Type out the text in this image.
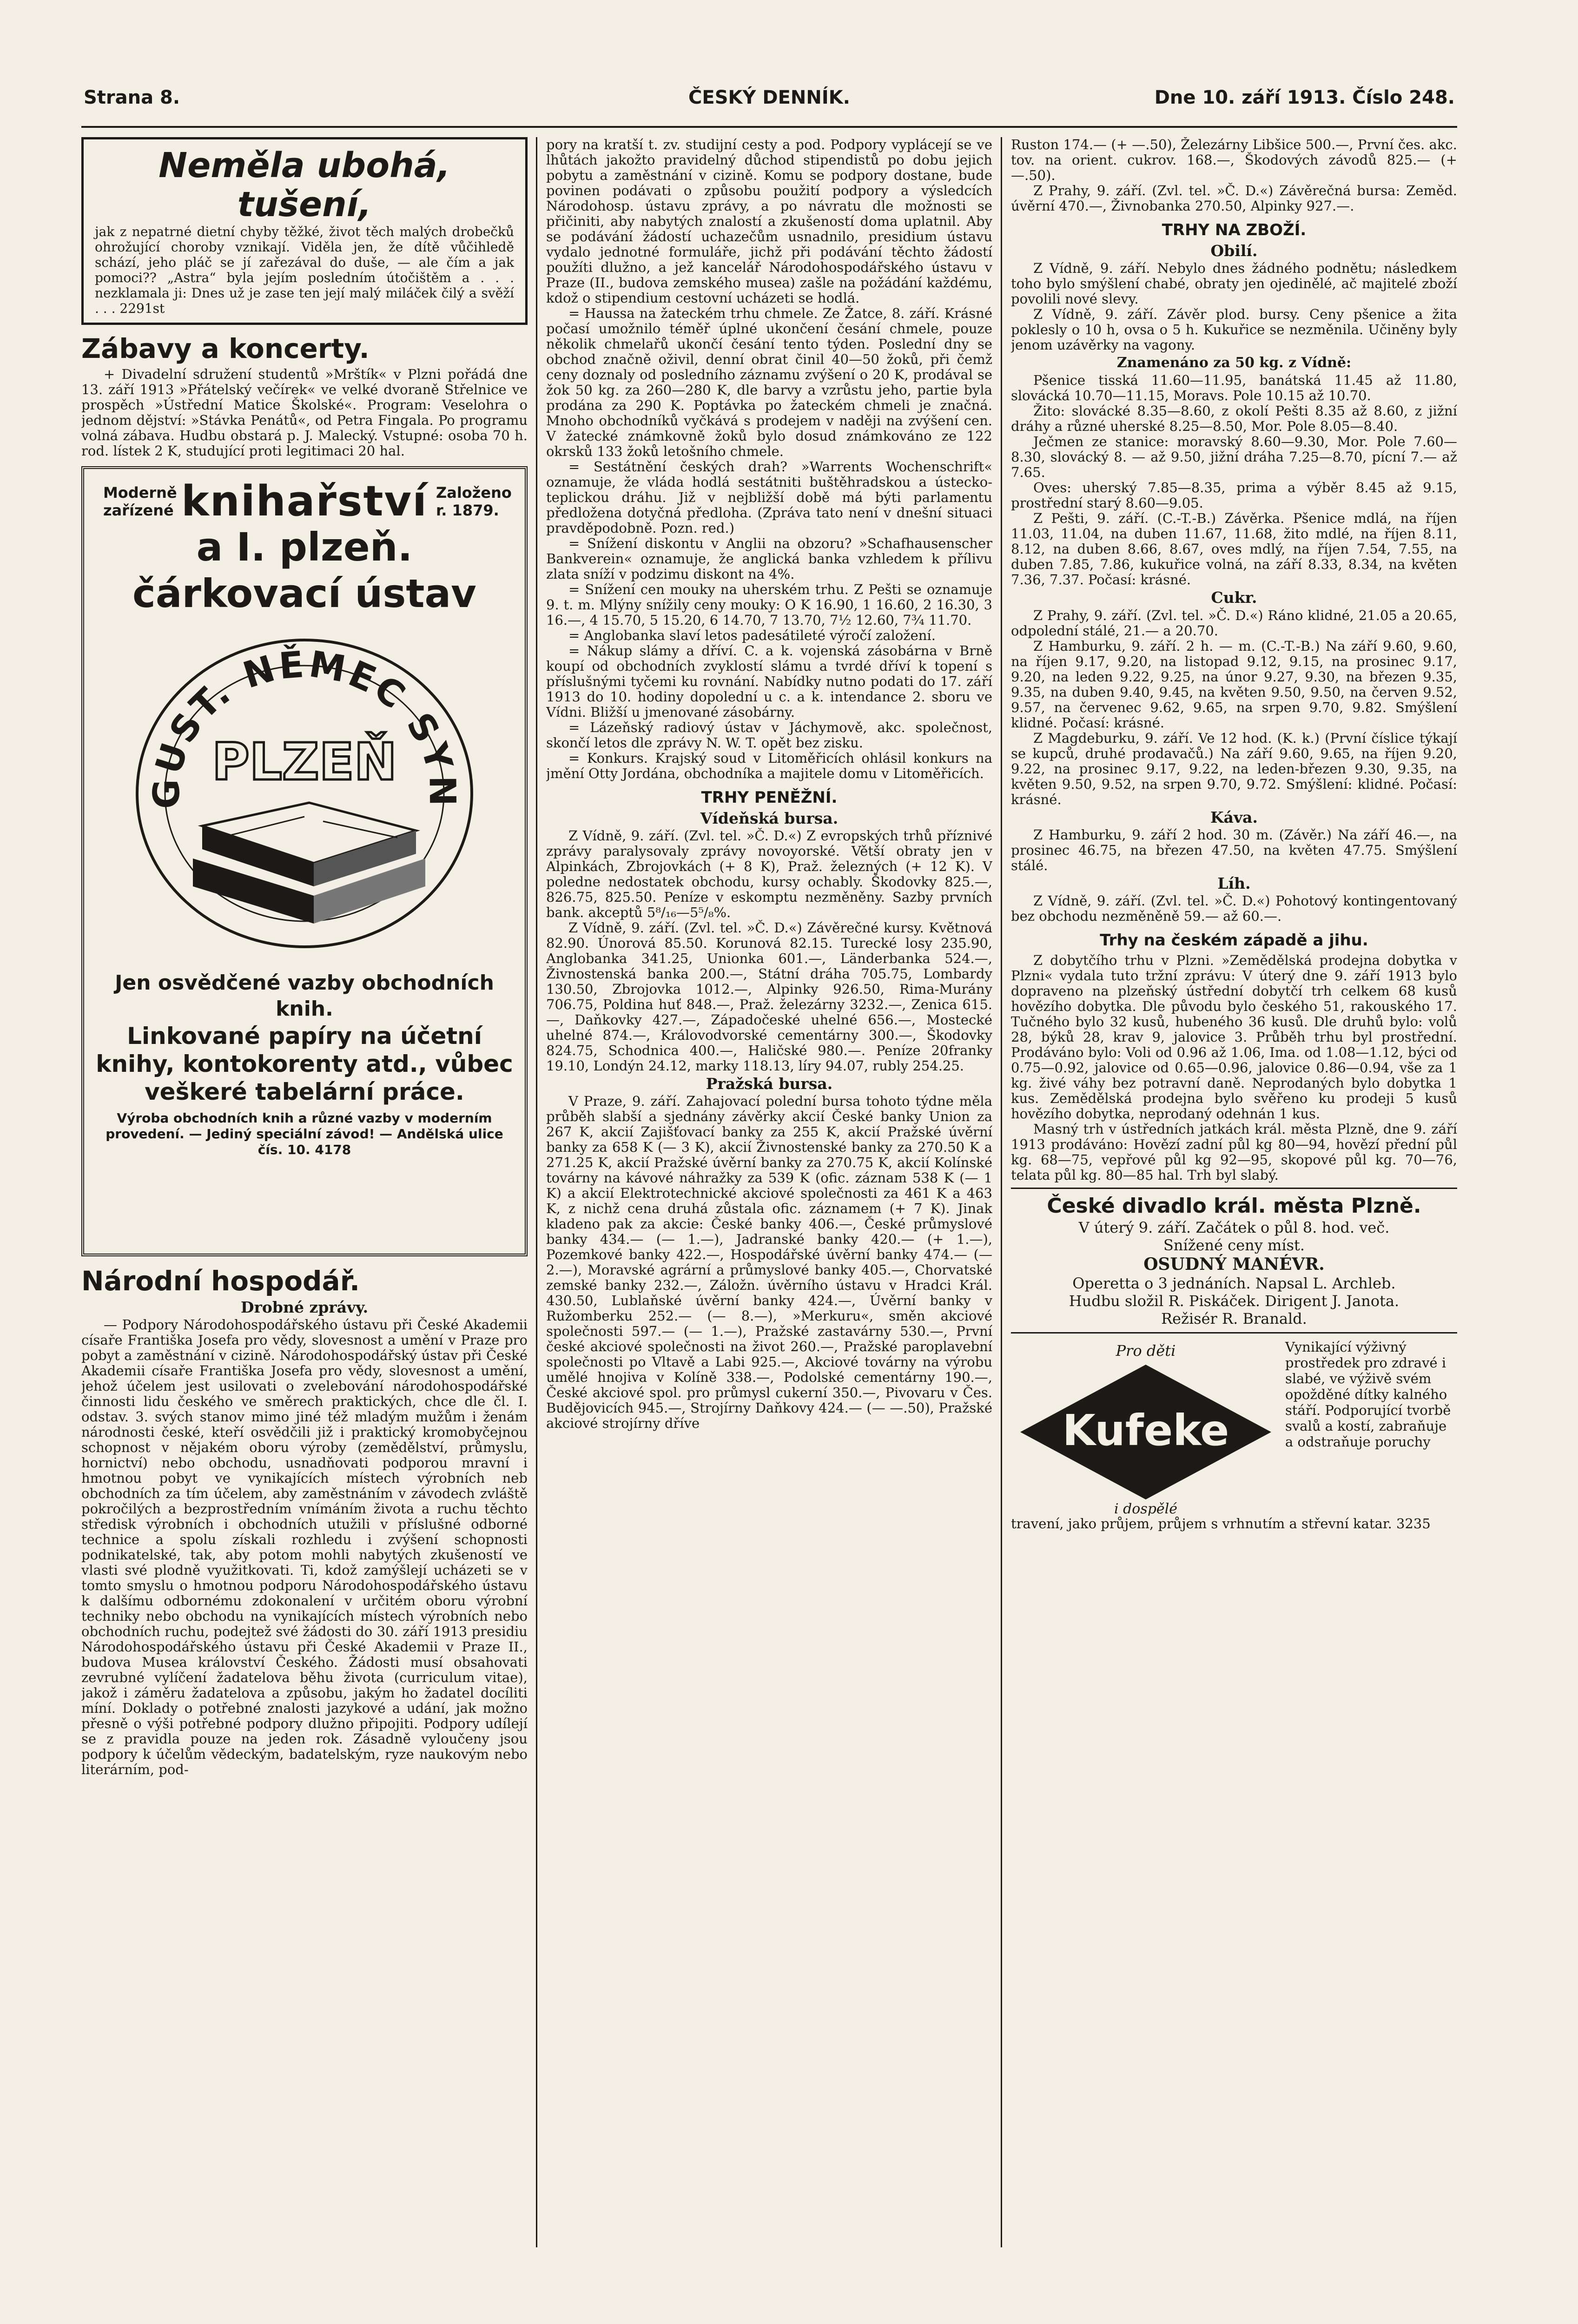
Strana 8.	ČESKÝ DENNÍK.	Dne 10. září 1913. Číslo 248.
Neměla ubohá, tušení,

jak z nepatrné dietní chyby těžké, život těch malých drobečků ohrožující choroby vznikají. Viděla jen, že dítě vůčihledě schází, jeho pláč se jí zařezával do duše, — ale čím a jak pomoci?? „Astra“ byla jejím posledním útočištěm a . . . nezklamala ji: Dnes už je zase ten její malý miláček čilý a svěží . . . 2291st

Zábavy a koncerty.

+ Divadelní sdružení studentů »Mrštík« v Plzni pořádá dne 13. září 1913 »Přátelský večírek« ve velké dvoraně Střelnice ve prospěch »Ústřední Matice Školské«. Program: Veselohra o jednom dějství: »Stávka Penátů«, od Petra Fingala. Po programu volná zábava. Hudbu obstará p. J. Malecký. Vstupné: osoba 70 h. rod. lístek 2 K, studující proti legitimaci 20 hal.

Moderně zařízené knihařství Založeno r. 1879.
a I. plzeň. čárkovací ústav
GUST. NĚMEC SYN
PLZEŇ
Jen osvědčené vazby obchodních knih.
Linkované papíry na účetní knihy, kontokorenty atd., vůbec veškeré tabelární práce.
Výroba obchodních knih a různé vazby v moderním provedení. — Jediný speciální závod! — Andělská ulice čís. 10. 4178
Národní hospodář.
Drobné zprávy.

— Podpory Národohospodářského ústavu při České Akademii císaře Františka Josefa pro vědy, slovesnost a umění v Praze pro pobyt a zaměstnání v cizině. Národohospodářský ústav při České Akademii císaře Františka Josefa pro vědy, slovesnost a umění, jehož účelem jest usilovati o zvelebování národohospodářské činnosti lidu českého ve směrech praktických, chce dle čl. I. odstav. 3. svých stanov mimo jiné též mladým mužům i ženám národnosti české, kteří osvědčili již i praktický kromobyčejnou schopnost v nějakém oboru výroby (zemědělství, průmyslu, hornictví) nebo obchodu, usnadňovati podporou mravní i hmotnou pobyt ve vynikajících místech výrobních neb obchodních za tím účelem, aby zaměstnáním v závodech zvláště pokročilých a bezprostředním vnímáním života a ruchu těchto středisk výrobních i obchodních utužili v příslušné odborné technice a spolu získali rozhledu i zvýšení schopnosti podnikatelské, tak, aby potom mohli nabytých zkušeností ve vlasti své plodně využitkovati. Ti, kdož zamýšlejí ucházeti se v tomto smyslu o hmotnou podporu Národohospodářského ústavu k dalšímu odbornému zdokonalení v určitém oboru výrobní techniky nebo obchodu na vynikajících místech výrobních nebo obchodních ruchu, podejtež své žádosti do 30. září 1913 presidiu Národohospodářského ústavu při České Akademii v Praze II., budova Musea království Českého. Žádosti musí obsahovati zevrubné vylíčení žadatelova běhu života (curriculum vitae), jakož i záměru žadatelova a způsobu, jakým ho žadatel docíliti míní. Doklady o potřebné znalosti jazykové a udání, jak možno přesně o výši potřebné podpory dlužno připojiti. Podpory udílejí se z pravidla pouze na jeden rok. Zásadně vyloučeny jsou podpory k účelům vědeckým, badatelským, ryze naukovým nebo literárním, pod-

pory na kratší t. zv. studijní cesty a pod. Podpory vyplácejí se ve lhůtách jakožto pravidelný důchod stipendistů po dobu jejich pobytu a zaměstnání v cizině. Komu se podpory dostane, bude povinen podávati o způsobu použití podpory a výsledcích Národohosp. ústavu zprávy, a po návratu dle možnosti se přičiniti, aby nabytých znalostí a zkušeností doma uplatnil. Aby se podávání žádostí uchazečům usnadnilo, presidium ústavu vydalo jednotné formuláře, jichž při podávání těchto žádostí použíti dlužno, a jež kancelář Národohospodářského ústavu v Praze (II., budova zemského musea) zašle na požádání každému, kdož o stipendium cestovní ucházeti se hodlá.

= Haussa na žateckém trhu chmele. Ze Žatce, 8. září. Krásné počasí umožnilo téměř úplné ukončení česání chmele, pouze několik chmelařů ukončí česání tento týden. Poslední dny se obchod značně oživil, denní obrat činil 40—50 žoků, při čemž ceny doznaly od posledního záznamu zvýšení o 20 K, prodával se žok 50 kg. za 260—280 K, dle barvy a vzrůstu jeho, partie byla prodána za 290 K. Poptávka po žateckém chmeli je značná. Mnoho obchodníků vyčkává s prodejem v naději na zvýšení cen. V žatecké známkovně žoků bylo dosud známkováno ze 122 okrsků 133 žoků letošního chmele.

= Sestátnění českých drah? »Warrents Wochenschrift« oznamuje, že vláda hodlá sestátniti buštěhradskou a ústecko-teplickou dráhu. Již v nejbližší době má býti parlamentu předložena dotyčná předloha. (Zpráva tato není v dnešní situaci pravděpodobně. Pozn. red.)

= Snížení diskontu v Anglii na obzoru? »Schafhausenscher Bankverein« oznamuje, že anglická banka vzhledem k přílivu zlata sníží v podzimu diskont na 4%.

= Snížení cen mouky na uherském trhu. Z Pešti se oznamuje 9. t. m. Mlýny snížily ceny mouky: O K 16.90, 1 16.60, 2 16.30, 3 16.—, 4 15.70, 5 15.20, 6 14.70, 7 13.70, 7½ 12.60, 7¾ 11.70.

= Anglobanka slaví letos padesátileté výročí založení.

= Nákup slámy a dříví. C. a k. vojenská zásobárna v Brně koupí od obchodních zvyklostí slámu a tvrdé dříví k topení s příslušnými tyčemi ku rovnání. Nabídky nutno podati do 17. září 1913 do 10. hodiny dopolední u c. a k. intendance 2. sboru ve Vídni. Bližší u jmenované zásobárny.

= Lázeňský radiový ústav v Jáchymově, akc. společnost, skončí letos dle zprávy N. W. T. opět bez zisku.

= Konkurs. Krajský soud v Litoměřicích ohlásil konkurs na jmění Otty Jordána, obchodníka a majitele domu v Litoměřicích.

TRHY PENĚŽNÍ.
Vídeňská bursa.

Z Vídně, 9. září. (Zvl. tel. »Č. D.«) Z evropských trhů příznivé zprávy paralysovaly zprávy novoyorské. Větší obraty jen v Alpinkách, Zbrojovkách (+ 8 K), Praž. železných (+ 12 K). V poledne nedostatek obchodu, kursy ochably. Škodovky 825.—, 826.75, 825.50. Peníze v eskomptu nezměněny. Sazby prvních bank. akceptů 5⁸/₁₆—5⁵/₈%.

Z Vídně, 9. září. (Zvl. tel. »Č. D.«) Závěrečné kursy. Květnová 82.90. Únorová 85.50. Korunová 82.15. Turecké losy 235.90, Anglobanka 341.25, Unionka 601.—, Länderbanka 524.—, Živnostenská banka 200.—, Státní dráha 705.75, Lombardy 130.50, Zbrojovka 1012.—, Alpinky 926.50, Rima-Murány 706.75, Poldina huť 848.—, Praž. železárny 3232.—, Zenica 615.—, Daňkovky 427.—, Západočeské uhelné 656.—, Mostecké uhelné 874.—, Královodvorské cementárny 300.—, Škodovky 824.75, Schodnica 400.—, Haličské 980.—. Peníze 20franky 19.10, Londýn 24.12, marky 118.13, líry 94.07, rubly 254.25.

Pražská bursa.

V Praze, 9. září. Zahajovací polední bursa tohoto týdne měla průběh slabší a sjednány závěrky akcií České banky Union za 267 K, akcií Zajišťovací banky za 255 K, akcií Pražské úvěrní banky za 658 K (— 3 K), akcií Živnostenské banky za 270.50 K a 271.25 K, akcií Pražské úvěrní banky za 270.75 K, akcií Kolínské továrny na kávové náhražky za 539 K (ofic. záznam 538 K (— 1 K) a akcií Elektrotechnické akciové společnosti za 461 K a 463 K, z nichž cena druhá zůstala ofic. záznamem (+ 7 K). Jinak kladeno pak za akcie: České banky 406.—, České průmyslové banky 434.— (— 1.—), Jadranské banky 420.— (+ 1.—), Pozemkové banky 422.—, Hospodářské úvěrní banky 474.— (— 2.—), Moravské agrární a průmyslové banky 405.—, Chorvatské zemské banky 232.—, Záložn. úvěrního ústavu v Hradci Král. 430.50, Lublaňské úvěrní banky 424.—, Úvěrní banky v Ružomberku 252.— (— 8.—), »Merkuru«, směn akciové společnosti 597.— (— 1.—), Pražské zastavárny 530.—, První české akciové společnosti na život 260.—, Pražské paroplavební společnosti po Vltavě a Labi 925.—, Akciové továrny na výrobu umělé hnojiva v Kolíně 338.—, Podolské cementárny 190.—, České akciové spol. pro průmysl cukerní 350.—, Pivovaru v Čes. Budějovicích 945.—, Strojírny Daňkovy 424.— (— —.50), Pražské akciové strojírny dříve

Ruston 174.— (+ —.50), Železárny Libšice 500.—, První čes. akc. tov. na orient. cukrov. 168.—, Škodových závodů 825.— (+ —.50).

Z Prahy, 9. září. (Zvl. tel. »Č. D.«) Závěrečná bursa: Zeměd. úvěrní 470.—, Živnobanka 270.50, Alpinky 927.—.

TRHY NA ZBOŽÍ.
Obilí.

Z Vídně, 9. září. Nebylo dnes žádného podnětu; následkem toho bylo smýšlení chabé, obraty jen ojedinělé, ač majitelé zboží povolili nové slevy.

Z Vídně, 9. září. Závěr plod. bursy. Ceny pšenice a žita poklesly o 10 h, ovsa o 5 h. Kukuřice se nezměnila. Učiněny byly jenom uzávěrky na vagony.

Znamenáno za 50 kg. z Vídně:

Pšenice tisská 11.60—11.95, banátská 11.45 až 11.80, slovácká 10.70—11.15, Moravs. Pole 10.15 až 10.70.

Žito: slovácké 8.35—8.60, z okolí Pešti 8.35 až 8.60, z jižní dráhy a různé uherské 8.25—8.50, Mor. Pole 8.05—8.40.

Ječmen ze stanice: moravský 8.60—9.30, Mor. Pole 7.60—8.30, slovácký 8. — až 9.50, jižní dráha 7.25—8.70, pícní 7.— až 7.65.

Oves: uherský 7.85—8.35, prima a výběr 8.45 až 9.15, prostřední starý 8.60—9.05.

Z Pešti, 9. září. (C.-T.-B.) Závěrka. Pšenice mdlá, na říjen 11.03, 11.04, na duben 11.67, 11.68, žito mdlé, na říjen 8.11, 8.12, na duben 8.66, 8.67, oves mdlý, na říjen 7.54, 7.55, na duben 7.85, 7.86, kukuřice volná, na září 8.33, 8.34, na květen 7.36, 7.37. Počasí: krásné.

Cukr.

Z Prahy, 9. září. (Zvl. tel. »Č. D.«) Ráno klidné, 21.05 a 20.65, odpolední stálé, 21.— a 20.70.

Z Hamburku, 9. září. 2 h. — m. (C.-T.-B.) Na září 9.60, 9.60, na říjen 9.17, 9.20, na listopad 9.12, 9.15, na prosinec 9.17, 9.20, na leden 9.22, 9.25, na únor 9.27, 9.30, na březen 9.35, 9.35, na duben 9.40, 9.45, na květen 9.50, 9.50, na červen 9.52, 9.57, na červenec 9.62, 9.65, na srpen 9.70, 9.82. Smýšlení klidné. Počasí: krásné.

Z Magdeburku, 9. září. Ve 12 hod. (K. k.) (První číslice týkají se kupců, druhé prodavačů.) Na září 9.60, 9.65, na říjen 9.20, 9.22, na prosinec 9.17, 9.22, na leden-březen 9.30, 9.35, na květen 9.50, 9.52, na srpen 9.70, 9.72. Smýšlení: klidné. Počasí: krásné.

Káva.

Z Hamburku, 9. září 2 hod. 30 m. (Závěr.) Na září 46.—, na prosinec 46.75, na březen 47.50, na květen 47.75. Smýšlení stálé.

Líh.

Z Vídně, 9. září. (Zvl. tel. »Č. D.«) Pohotový kontingentovaný bez obchodu nezměněně 59.— až 60.—.

Trhy na českém západě a jihu.

Z dobytčího trhu v Plzni. »Zemědělská prodejna dobytka v Plzni« vydala tuto tržní zprávu: V úterý dne 9. září 1913 bylo dopraveno na plzeňský ústřední dobytčí trh celkem 68 kusů hovězího dobytka. Dle původu bylo českého 51, rakouského 17. Tučného bylo 32 kusů, hubeného 36 kusů. Dle druhů bylo: volů 28, býků 28, krav 9, jalovice 3. Průběh trhu byl prostřední. Prodáváno bylo: Voli od 0.96 až 1.06, Ima. od 1.08—1.12, býci od 0.75—0.92, jalovice od 0.65—0.96, jalovice 0.86—0.94, vše za 1 kg. živé váhy bez potravní daně. Neprodaných bylo dobytka 1 kus. Zemědělská prodejna bylo svěřeno ku prodeji 5 kusů hovězího dobytka, neprodaný odehnán 1 kus.

Masný trh v ústředních jatkách král. města Plzně, dne 9. září 1913 prodáváno: Hovězí zadní půl kg 80—94, hovězí přední půl kg. 68—75, vepřové půl kg 92—95, skopové půl kg. 70—76, telata půl kg. 80—85 hal. Trh byl slabý.

České divadlo král. města Plzně.
V úterý 9. září. Začátek o půl 8. hod. več.
Snížené ceny míst.
OSUDNÝ MANÉVR.
Operetta o 3 jednáních. Napsal L. Archleb.
Hudbu složil R. Piskáček. Dirigent J. Janota.
Režisér R. Branald.
Pro děti
Kufeke
i dospělé
Vynikající výživný prostředek pro zdravé i slabé, ve výživě svém opožděné dítky kalného stáří. Podporující tvorbě svalů a kostí, zabraňuje a odstraňuje poruchy
travení, jako průjem, průjem s vrhnutím a střevní katar. 3235
